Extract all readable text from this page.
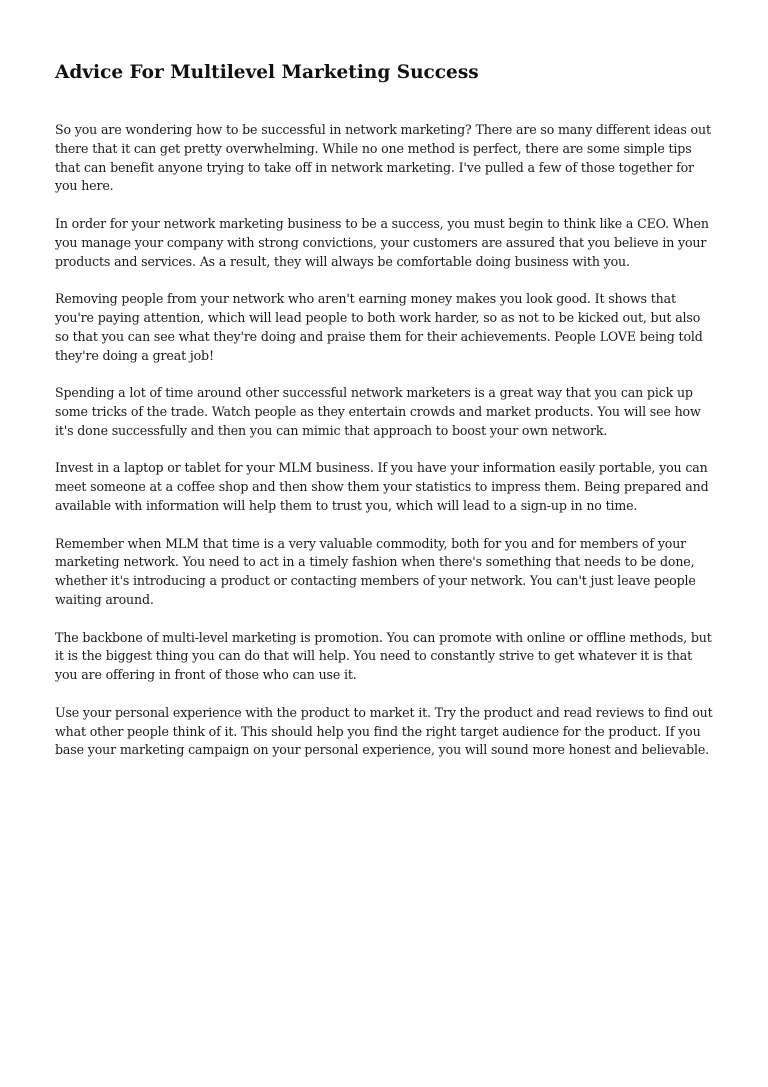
Advice For Multilevel Marketing Success

So you are wondering how to be successful in network marketing? There are so many different ideas out there that it can get pretty overwhelming. While no one method is perfect, there are some simple tips that can benefit anyone trying to take off in network marketing. I've pulled a few of those together for you here.

In order for your network marketing business to be a success, you must begin to think like a CEO. When you manage your company with strong convictions, your customers are assured that you believe in your products and services. As a result, they will always be comfortable doing business with you.

Removing people from your network who aren't earning money makes you look good. It shows that you're paying attention, which will lead people to both work harder, so as not to be kicked out, but also so that you can see what they're doing and praise them for their achievements. People LOVE being told they're doing a great job!

Spending a lot of time around other successful network marketers is a great way that you can pick up some tricks of the trade. Watch people as they entertain crowds and market products. You will see how it's done successfully and then you can mimic that approach to boost your own network.

Invest in a laptop or tablet for your MLM business. If you have your information easily portable, you can meet someone at a coffee shop and then show them your statistics to impress them. Being prepared and available with information will help them to trust you, which will lead to a sign-up in no time.

Remember when MLM that time is a very valuable commodity, both for you and for members of your marketing network. You need to act in a timely fashion when there's something that needs to be done, whether it's introducing a product or contacting members of your network. You can't just leave people waiting around.

The backbone of multi-level marketing is promotion. You can promote with online or offline methods, but it is the biggest thing you can do that will help. You need to constantly strive to get whatever it is that you are offering in front of those who can use it.

Use your personal experience with the product to market it. Try the product and read reviews to find out what other people think of it. This should help you find the right target audience for the product. If you base your marketing campaign on your personal experience, you will sound more honest and believable.
